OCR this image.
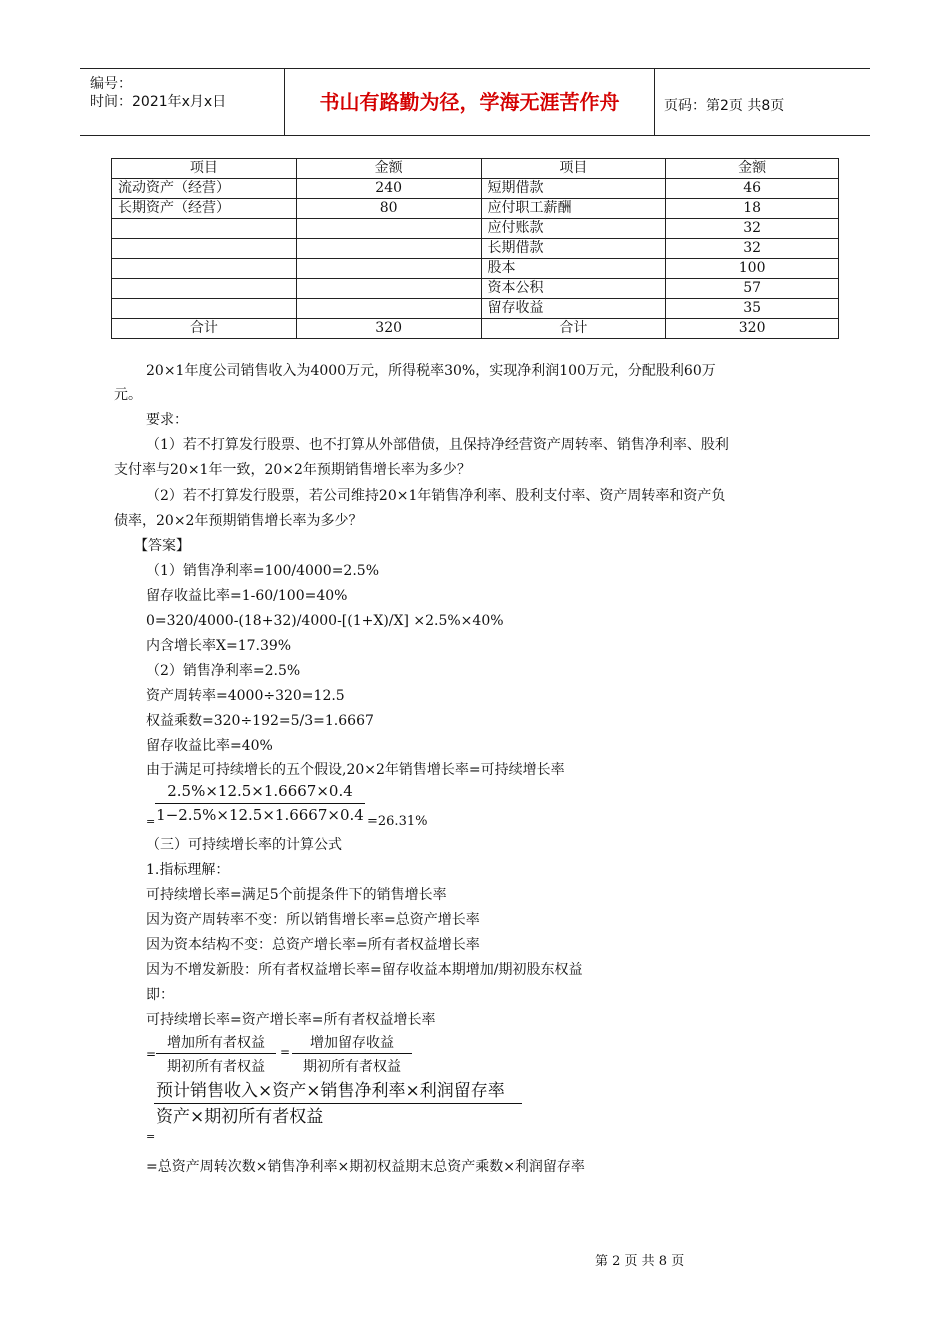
编号：
时间：2021年x月x日	书山有路勤为径，学海无涯苦作舟	页码：第2页 共8页
项目	金额	项目	金额
流动资产（经营）	240	短期借款	46
长期资产（经营）	80	应付职工薪酬	18
		应付账款	32
		长期借款	32
		股本	100
		资本公积	57
		留存收益	35
合计	320	合计	320
20×1年度公司销售收入为4000万元，所得税率30%，实现净利润100万元，分配股利60万
元。
要求：
（1）若不打算发行股票、也不打算从外部借债，且保持净经营资产周转率、销售净利率、股利
支付率与20×1年一致，20×2年预期销售增长率为多少？
（2）若不打算发行股票，若公司维持20×1年销售净利率、股利支付率、资产周转率和资产负
债率，20×2年预期销售增长率为多少？
【答案】
（1）销售净利率=100/4000=2.5%
留存收益比率=1-60/100=40%
0=320/4000-(18+32)/4000-[(1+X)/X] ×2.5%×40%
内含增长率X=17.39%
（2）销售净利率=2.5%
资产周转率=4000÷320=12.5
权益乘数=320÷192=5/3=1.6667
留存收益比率=40%
由于满足可持续增长的五个假设,20×2年销售增长率=可持续增长率
2.5%×12.5×1.6667×0.4
1−2.5%×12.5×1.6667×0.4
=	=26.31%
（三）可持续增长率的计算公式
1.指标理解：
可持续增长率=满足5个前提条件下的销售增长率
因为资产周转率不变：所以销售增长率=总资产增长率
因为资本结构不变：总资产增长率=所有者权益增长率
因为不增发新股：所有者权益增长率=留存收益本期增加/期初股东权益
即：
可持续增长率=资产增长率=所有者权益增长率
=
增加所有者权益
期初所有者权益
=
增加留存收益
期初所有者权益
预计销售收入×资产×销售净利率×利润留存率
资产×期初所有者权益
=
=总资产周转次数×销售净利率×期初权益期末总资产乘数×利润留存率
第 2 页 共 8 页
